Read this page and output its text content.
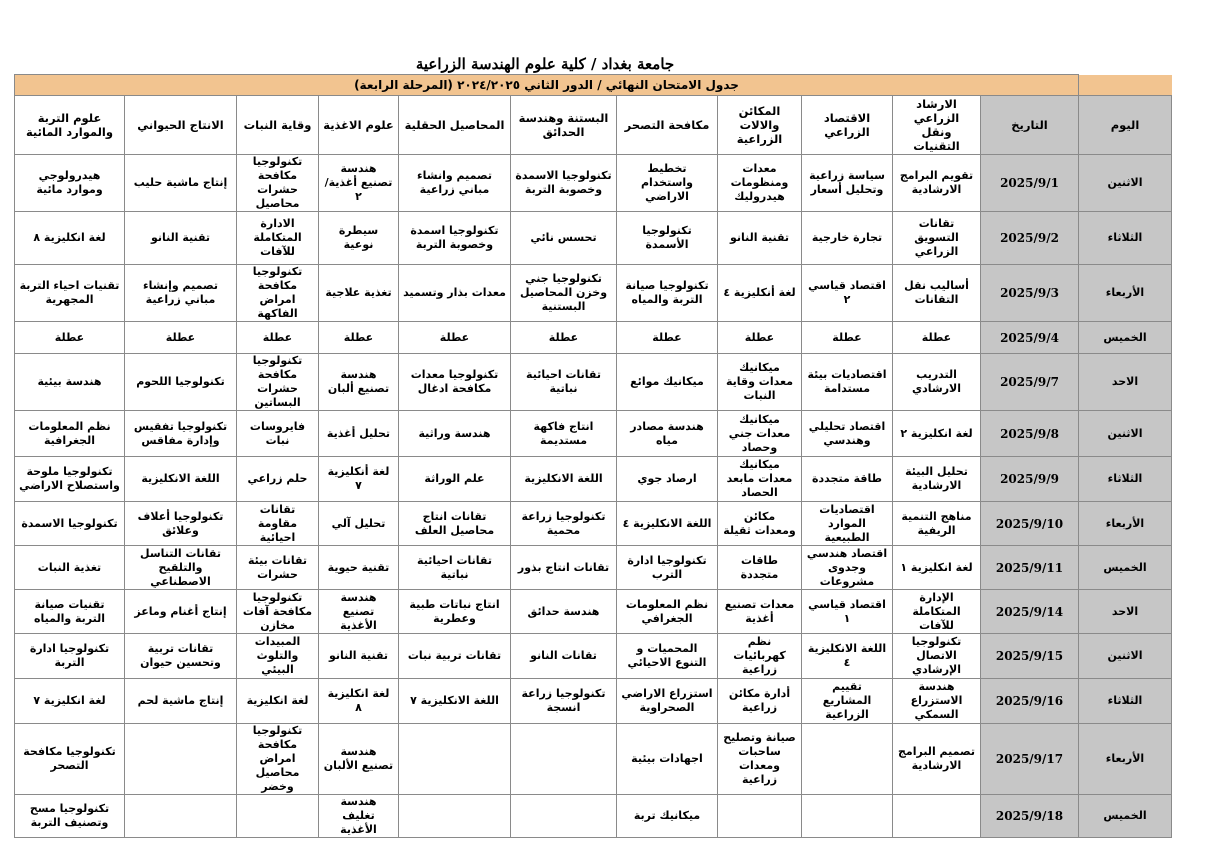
جامعة بغداد / كلية علوم الهندسة الزراعية
	جدول الامتحان النهائي / الدور الثاني ٢٠٢٤/٢٠٢٥ (المرحلة الرابعة)										
اليوم	التاريخ	الارشاد الزراعي ونقل التقنيات	الاقتصاد الزراعي	المكائن والالات الزراعية	مكافحة التصحر	البستنة وهندسة الحدائق	المحاصيل الحقلية	علوم الاغذية	وقاية النبات	الانتاج الحيواني	علوم التربة والموارد المائية
الاثنين	2025/9/1	تقويم البرامج الارشادية	سياسة زراعية وتحليل أسعار	معدات ومنظومات هيدروليك	تخطيط واستخدام الاراضي	تكنولوجيا الاسمدة وخصوبة التربة	تصميم وانشاء مباني زراعية	هندسة تصنيع أغذية/٢	تكنولوجيا مكافحة حشرات محاصيل	إنتاج ماشية حليب	هيدرولوجي وموارد مائية
الثلاثاء	2025/9/2	تقانات التسويق الزراعي	تجارة خارجية	تقنية النانو	تكنولوجيا الأسمدة	تحسس نائي	تكنولوجيا اسمدة وخصوبة التربة	سيطرة نوعية	الادارة المتكاملة للآفات	تقنية النانو	لغة انكليزية ٨
الأربعاء	2025/9/3	أساليب نقل التقانات	اقتصاد قياسي ٢	لغة أنكليزية ٤	تكنولوجيا صيانة التربة والمياه	تكنولوجيا جني وخزن المحاصيل البستنية	معدات بذار وتسميد	تغذية علاجية	تكنولوجيا مكافحة امراض الفاكهة	تصميم وإنشاء مباني زراعية	تقنيات احياء التربة المجهرية
الخميس	2025/9/4	عطلة	عطلة	عطلة	عطلة	عطلة	عطلة	عطلة	عطلة	عطلة	عطلة
الاحد	2025/9/7	التدريب الارشادي	اقتصاديات بيئة مستدامة	ميكانيك معدات وقاية النبات	ميكانيك موائع	تقانات احيائية نباتية	تكنولوجيا معدات مكافحة ادغال	هندسة تصنيع ألبان	تكنولوجيا مكافحة حشرات البساتين	تكنولوجيا اللحوم	هندسة بيئية
الاثنين	2025/9/8	لغة انكليزية ٢	اقتصاد تحليلي وهندسي	ميكانيك معدات جني وحصاد	هندسة مصادر مياه	انتاج فاكهة مستديمة	هندسة وراثية	تحليل أغذية	فايروسات نبات	تكنولوجيا تفقيس وإدارة مفاقس	نظم المعلومات الجغرافية
الثلاثاء	2025/9/9	تحليل البيئة الارشادية	طاقة متجددة	ميكانيك معدات مابعد الحصاد	ارصاد جوي	اللغة الانكليزية	علم الوراثة	لغة أنكليزية ٧	حلم زراعي	اللغة الانكليزية	تكنولوجيا ملوحة واستصلاح الاراضي
الأربعاء	2025/9/10	مناهج التنمية الريفية	اقتصاديات الموارد الطبيعية	مكائن ومعدات ثقيلة	اللغة الانكليزية ٤	تكنولوجيا زراعة محمية	تقانات انتاج محاصيل العلف	تحليل آلي	تقانات مقاومة احيائية	تكنولوجيا أعلاف وعلائق	تكنولوجيا الاسمدة
الخميس	2025/9/11	لغة انكليزية ١	اقتصاد هندسي وجدوى مشروعات	طاقات متجددة	تكنولوجيا ادارة الترب	تقانات انتاج بذور	تقانات احيائية نباتية	تقنية حيوية	تقانات بيئة حشرات	تقانات التناسل والتلقيح الاصطناعي	تغذية النبات
الاحد	2025/9/14	الإدارة المتكاملة للآفات	اقتصاد قياسي ١	معدات تصنيع أغذية	نظم المعلومات الجغرافي	هندسة حدائق	انتاج نباتات طبية وعطرية	هندسة تصنيع الأغذية	تكنولوجيا مكافحة آفات مخازن	إنتاج أغنام وماعز	تقنيات صيانة التربة والمياه
الاثنين	2025/9/15	تكنولوجيا الاتصال الإرشادي	اللغة الانكليزية ٤	نظم كهربائيات زراعية	المحميات و التنوع الاحيائي	تقانات النانو	تقانات تربية نبات	تقنية النانو	المبيدات والتلوث البيئي	تقانات تربية وتحسين حيوان	تكنولوجيا ادارة التربة
الثلاثاء	2025/9/16	هندسة الاستزراع السمكي	تقييم المشاريع الزراعية	أدارة مكائن زراعية	استزراع الاراضي الصحراوية	تكنولوجيا زراعة انسجة	اللغة الانكليزية ٧	لغة انكليزية ٨	لغة انكليزية	إنتاج ماشية لحم	لغة انكليزية ٧
الأربعاء	2025/9/17	تصميم البرامج الارشادية		صيانة وتصليح ساحبات ومعدات زراعية	اجهادات بيئية			هندسة تصنيع الألبان	تكنولوجيا مكافحة امراض محاصيل وخضر		تكنولوجيا مكافحة التصحر
الخميس	2025/9/18				ميكانيك تربة			هندسة تغليف الأغذية			تكنولوجيا مسح وتصنيف التربة
